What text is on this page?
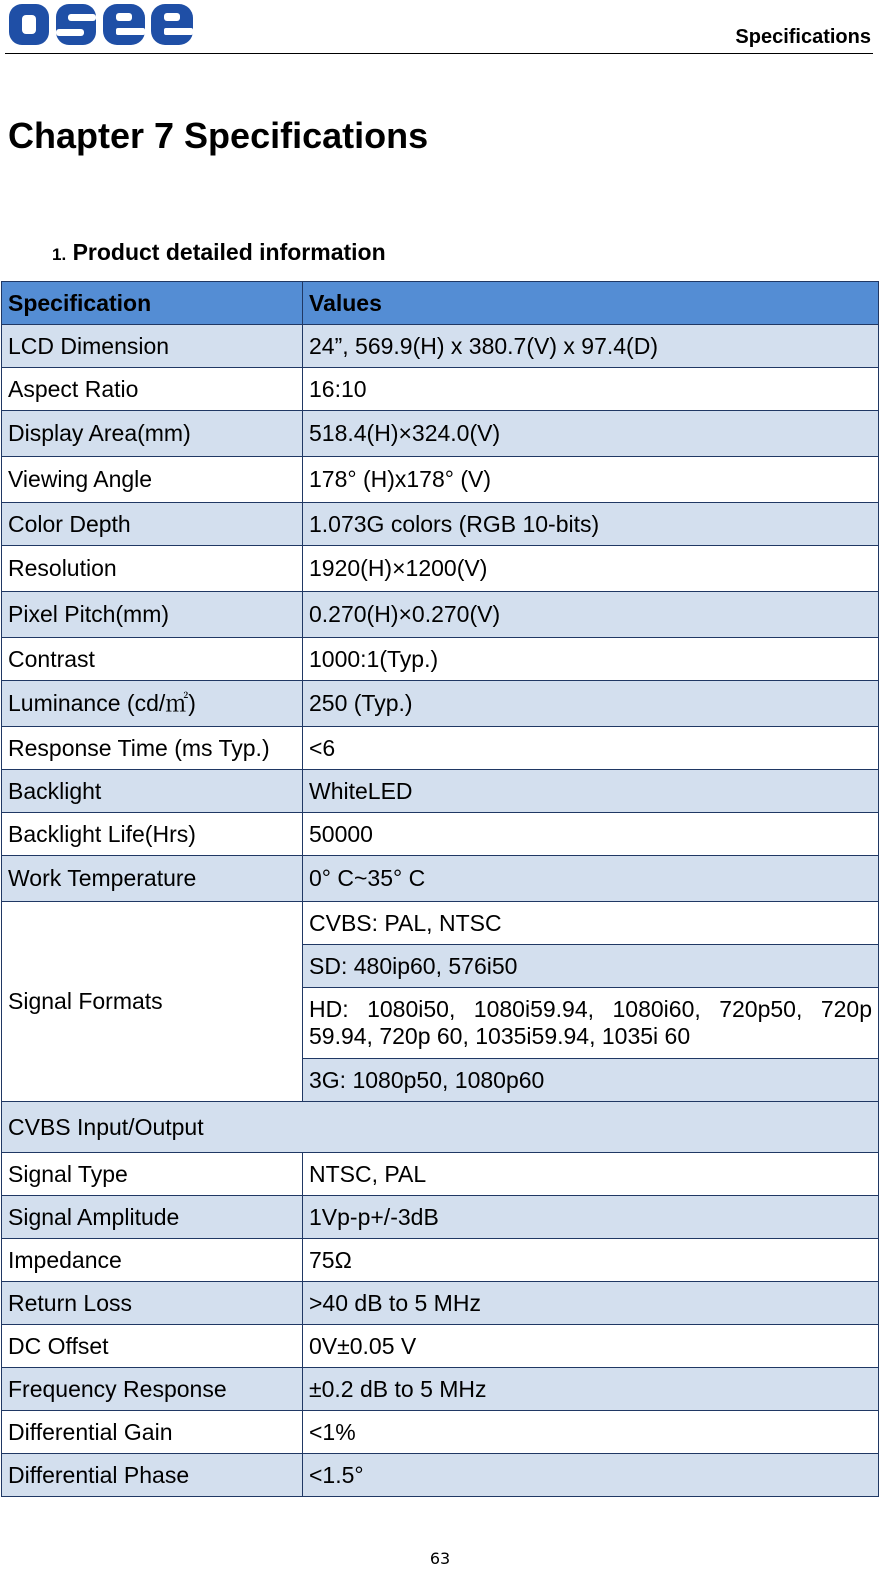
Specifications
Chapter 7 Specifications
1. Product detailed information
Specification	Values
LCD Dimension	24”, 569.9(H) x 380.7(V) x 97.4(D)
Aspect Ratio	16:10
Display Area(mm)	518.4(H)×324.0(V)
Viewing Angle	178° (H)x178° (V)
Color Depth	1.073G colors (RGB 10-bits)
Resolution	1920(H)×1200(V)
Pixel Pitch(mm)	0.270(H)×0.270(V)
Contrast	1000:1(Typ.)
Luminance (cd/㎡)	250 (Typ.)
Response Time (ms Typ.)	<6
Backlight	WhiteLED
Backlight Life(Hrs)	50000
Work Temperature	0° C~35° C
Signal Formats	CVBS: PAL, NTSC
	SD: 480ip60, 576i50
	HD: 1080i50, 1080i59.94, 1080i60, 720p50, 720p 59.94, 720p 60, 1035i59.94, 1035i 60
	3G: 1080p50, 1080p60
CVBS Input/Output	
Signal Type	NTSC, PAL
Signal Amplitude	1Vp-p+/-3dB
Impedance	75Ω
Return Loss	>40 dB to 5 MHz
DC Offset	0V±0.05 V
Frequency Response	±0.2 dB to 5 MHz
Differential Gain	<1%
Differential Phase	<1.5°
63
